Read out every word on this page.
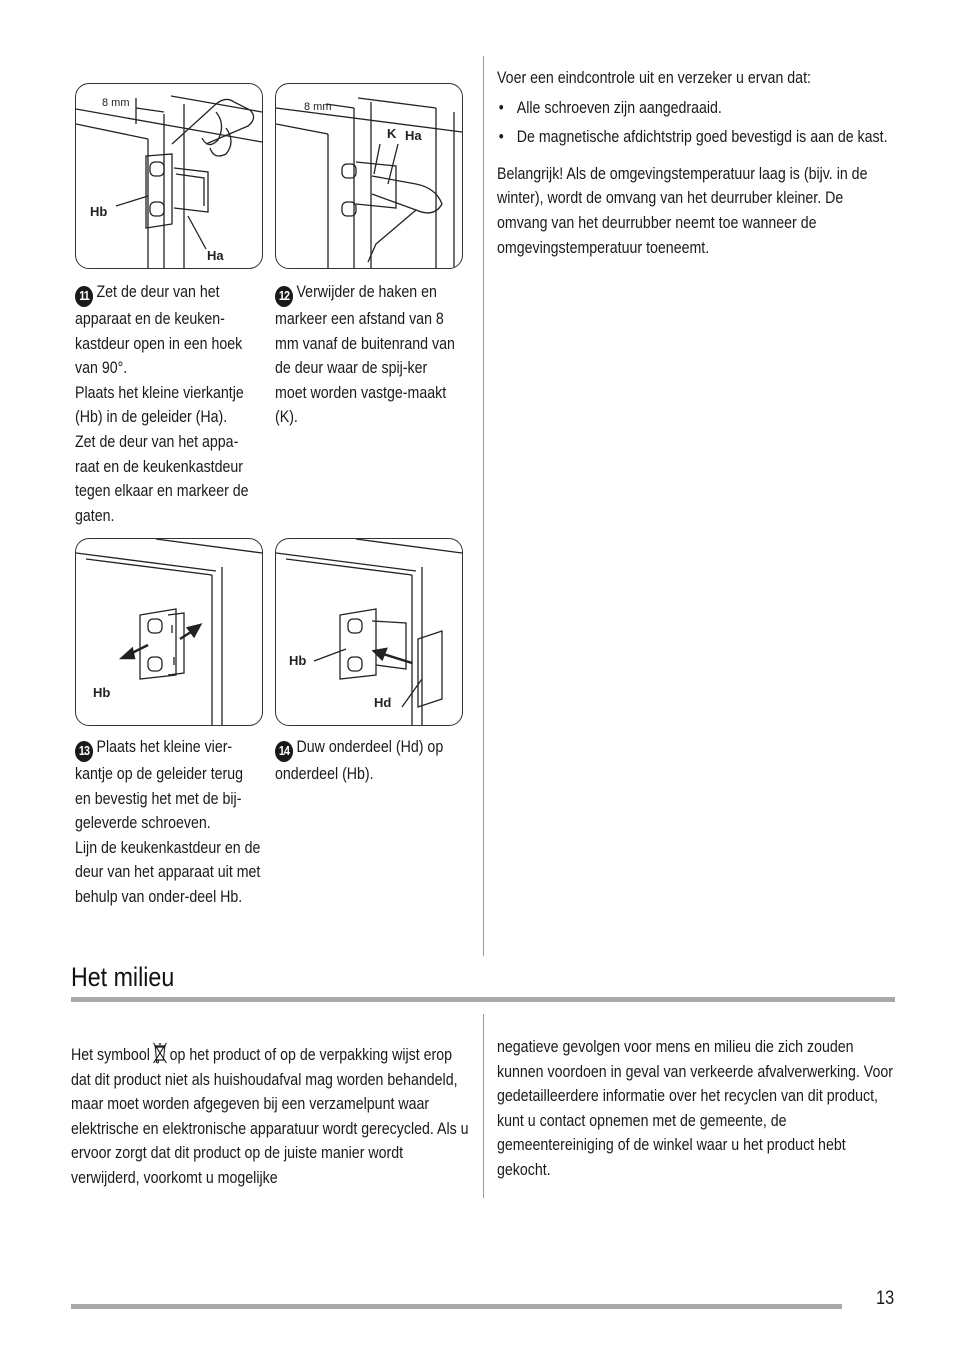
8 mm
Hb
Ha
8 mm
K Ha

11 Zet de deur van het apparaat en de keuken-kastdeur open in een hoek van 90°.

Plaats het kleine vierkantje (Hb) in de geleider (Ha).

Zet de deur van het appa-raat en de keukenkastdeur tegen elkaar en markeer de gaten.

12 Verwijder de haken en markeer een afstand van 8 mm vanaf de buitenrand van de deur waar de spij-ker moet worden vastge-maakt (K).

Hb
Hb
Hd

13 Plaats het kleine vier-kantje op de geleider terug en bevestig het met de bij-geleverde schroeven.

Lijn de keukenkastdeur en de deur van het apparaat uit met behulp van onder-deel Hb.

14 Duw onderdeel (Hd) op onderdeel (Hb).

Voer een eindcontrole uit en verzeker u ervan dat:

• Alle schroeven zijn aangedraaid.
• De magnetische afdichtstrip goed bevestigd is aan de kast.

Belangrijk! Als de omgevingstemperatuur laag is (bijv. in de winter), wordt de omvang van het deurruber kleiner. De omvang van het deurrubber neemt toe wanneer de omgevingstemperatuur toeneemt.

Het milieu

Het symbool op het product of op de verpakking wijst erop dat dit product niet als huishoudafval mag worden behandeld, maar moet worden afgegeven bij een verzamelpunt waar elektrische en elektronische apparatuur wordt gerecycled. Als u ervoor zorgt dat dit product op de juiste manier wordt verwijderd, voorkomt u mogelijke

negatieve gevolgen voor mens en milieu die zich zouden kunnen voordoen in geval van verkeerde afvalverwerking. Voor gedetailleerdere informatie over het recyclen van dit product, kunt u contact opnemen met de gemeente, de gemeentereiniging of de winkel waar u het product hebt gekocht.

13
